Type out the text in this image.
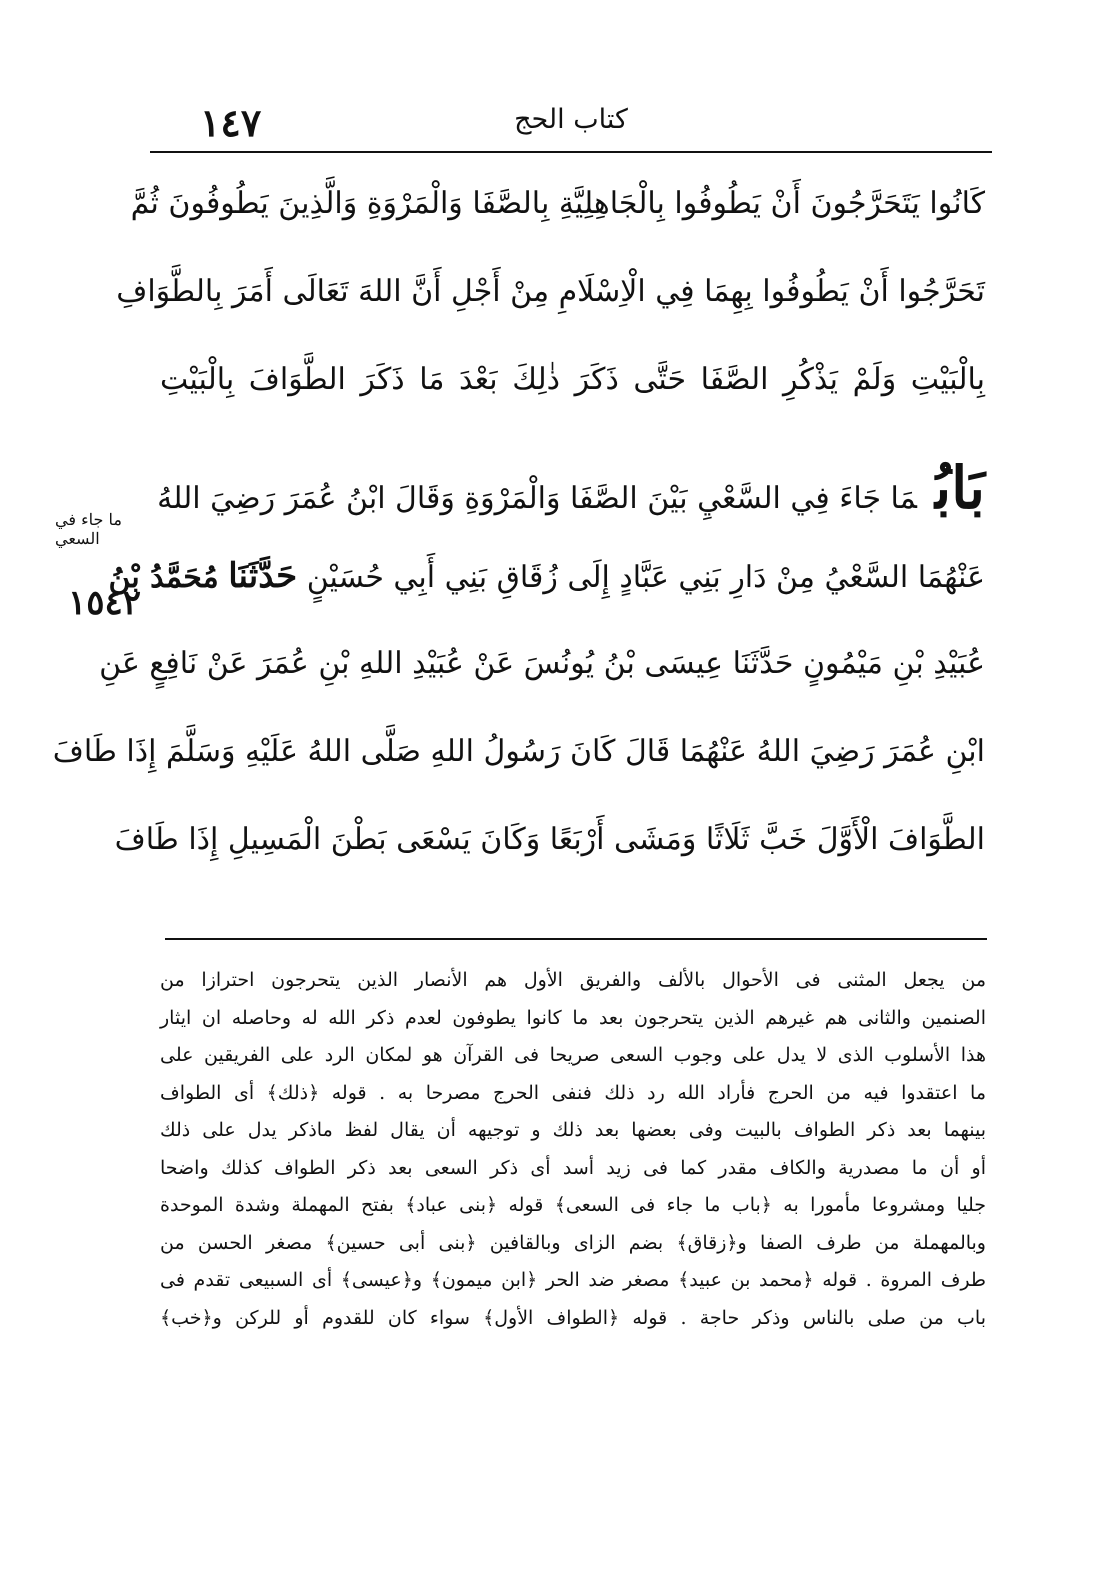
كتاب الحج
١٤٧
كَانُوا يَتَحَرَّجُونَ أَنْ يَطُوفُوا بِالْجَاهِلِيَّةِ بِالصَّفَا وَالْمَرْوَةِ وَالَّذِينَ يَطُوفُونَ ثُمَّ
تَحَرَّجُوا أَنْ يَطُوفُوا بِهِمَا فِي الْاِسْلَامِ مِنْ أَجْلِ أَنَّ اللهَ تَعَالَى أَمَرَ بِالطَّوَافِ
بِالْبَيْتِ وَلَمْ يَذْكُرِ الصَّفَا حَتَّى ذَكَرَ ذٰلِكَ بَعْدَ مَا ذَكَرَ الطَّوَافَ بِالْبَيْتِ
بَابُمَا جَاءَ فِي السَّعْيِ بَيْنَ الصَّفَا وَالْمَرْوَةِ وَقَالَ ابْنُ عُمَرَ رَضِيَ اللهُ
عَنْهُمَا السَّعْيُ مِنْ دَارِ بَنِي عَبَّادٍ إِلَى زُقَاقِ بَنِي أَبِي حُسَيْنٍ حَدَّثَنَا مُحَمَّدُ بْنُ
عُبَيْدِ بْنِ مَيْمُونٍ حَدَّثَنَا عِيسَى بْنُ يُونُسَ عَنْ عُبَيْدِ اللهِ بْنِ عُمَرَ عَنْ نَافِعٍ عَنِ
ابْنِ عُمَرَ رَضِيَ اللهُ عَنْهُمَا قَالَ كَانَ رَسُولُ اللهِ صَلَّى اللهُ عَلَيْهِ وَسَلَّمَ إِذَا طَافَ
الطَّوَافَ الْأَوَّلَ خَبَّ ثَلَاثًا وَمَشَى أَرْبَعًا وَكَانَ يَسْعَى بَطْنَ الْمَسِيلِ إِذَا طَافَ
ما جاء في السعي
١٥٤٢
من يجعل المثنى فى الأحوال بالألف والفريق الأول هم الأنصار الذين يتحرجون احترازا من
الصنمين والثانى هم غيرهم الذين يتحرجون بعد ما كانوا يطوفون لعدم ذكر الله له وحاصله ان ايثار
هذا الأسلوب الذى لا يدل على وجوب السعى صريحا فى القرآن هو لمكان الرد على الفريقين على
ما اعتقدوا فيه من الحرج فأراد الله رد ذلك فنفى الحرج مصرحا به . قوله ﴿ذلك﴾ أى الطواف
بينهما بعد ذكر الطواف بالبيت وفى بعضها بعد ذلك و توجيهه أن يقال لفظ ماذكر يدل على ذلك
أو أن ما مصدرية والكاف مقدر كما فى زيد أسد أى ذكر السعى بعد ذكر الطواف كذلك واضحا
جليا ومشروعا مأمورا به ﴿باب ما جاء فى السعى﴾ قوله ﴿بنى عباد﴾ بفتح المهملة وشدة الموحدة
وبالمهملة من طرف الصفا و﴿زقاق﴾ بضم الزاى وبالقافين ﴿بنى أبى حسين﴾ مصغر الحسن من
طرف المروة . قوله ﴿محمد بن عبيد﴾ مصغر ضد الحر ﴿ابن ميمون﴾ و﴿عيسى﴾ أى السبيعى تقدم فى
باب من صلى بالناس وذكر حاجة . قوله ﴿الطواف الأول﴾ سواء كان للقدوم أو للركن و﴿خب﴾
